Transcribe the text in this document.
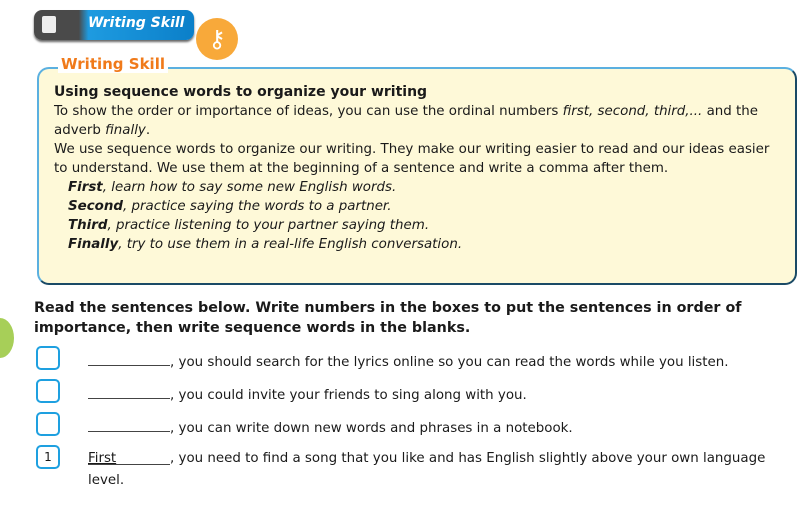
Writing Skill
⚷
Writing Skill

Using sequence words to organize your writing

To show the order or importance of ideas, you can use the ordinal numbers first, second, third,... and the adverb finally.

We use sequence words to organize our writing. They make our writing easier to read and our ideas easier to understand. We use them at the beginning of a sentence and write a comma after them.

First, learn how to say some new English words.

Second, practice saying the words to a partner.

Third, practice listening to your partner saying them.

Finally, try to use them in a real-life English conversation.

Read the sentences below. Write numbers in the boxes to put the sentences in order of importance, then write sequence words in the blanks.
, you should search for the lyrics online so you can read the words while you listen.
, you could invite your friends to sing along with you.
, you can write down new words and phrases in a notebook.
1	First	, you need to find a song that you like and has English slightly above your own language level.
